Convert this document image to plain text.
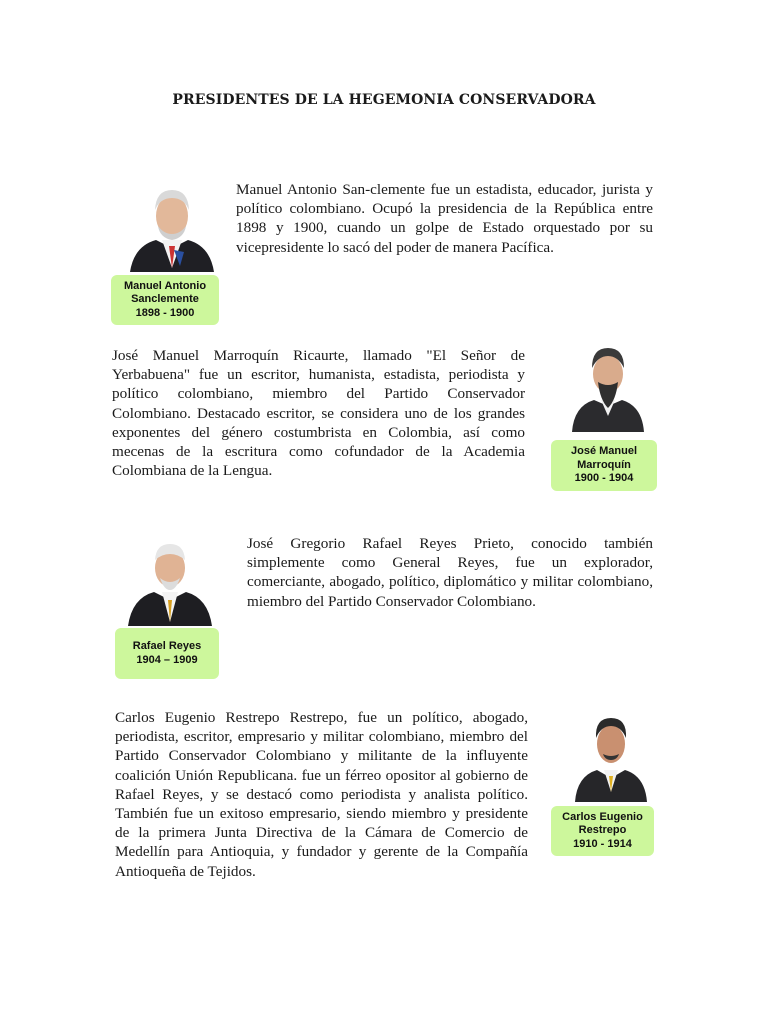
PRESIDENTES DE LA HEGEMONIA CONSERVADORA
Manuel Antonio
Sanclemente
1898 - 1900

Manuel Antonio San-clemente fue un estadista, educador, jurista y político colombiano. Ocupó la presidencia de la República entre 1898 y 1900, cuando un golpe de Estado orquestado por su vicepresidente lo sacó del poder de manera Pacífica.

José Manuel Marroquín Ricaurte, llamado "El Señor de Yerbabuena" fue un escritor, humanista, estadista, periodista y político colombiano, miembro del Partido Conservador Colombiano. Destacado escritor, se considera uno de los grandes exponentes del género costumbrista en Colombia, así como mecenas de la escritura como cofundador de la Academia Colombiana de la Lengua.

José Manuel
Marroquín
1900 - 1904
Rafael Reyes
1904 – 1909

José Gregorio Rafael Reyes Prieto, conocido también simplemente como General Reyes, fue un explorador, comerciante, abogado, político, diplomático y militar colombiano, miembro del Partido Conservador Colombiano.

Carlos Eugenio Restrepo Restrepo, fue un político, abogado, periodista, escritor, empresario y militar colombiano, miembro del Partido Conservador Colombiano y militante de la influyente coalición Unión Republicana. fue un férreo opositor al gobierno de Rafael Reyes, y se destacó como periodista y analista político. También fue un exitoso empresario, siendo miembro y presidente de la primera Junta Directiva de la Cámara de Comercio de Medellín para Antioquia, y fundador y gerente de la Compañía Antioqueña de Tejidos.

Carlos Eugenio
Restrepo
1910 - 1914
